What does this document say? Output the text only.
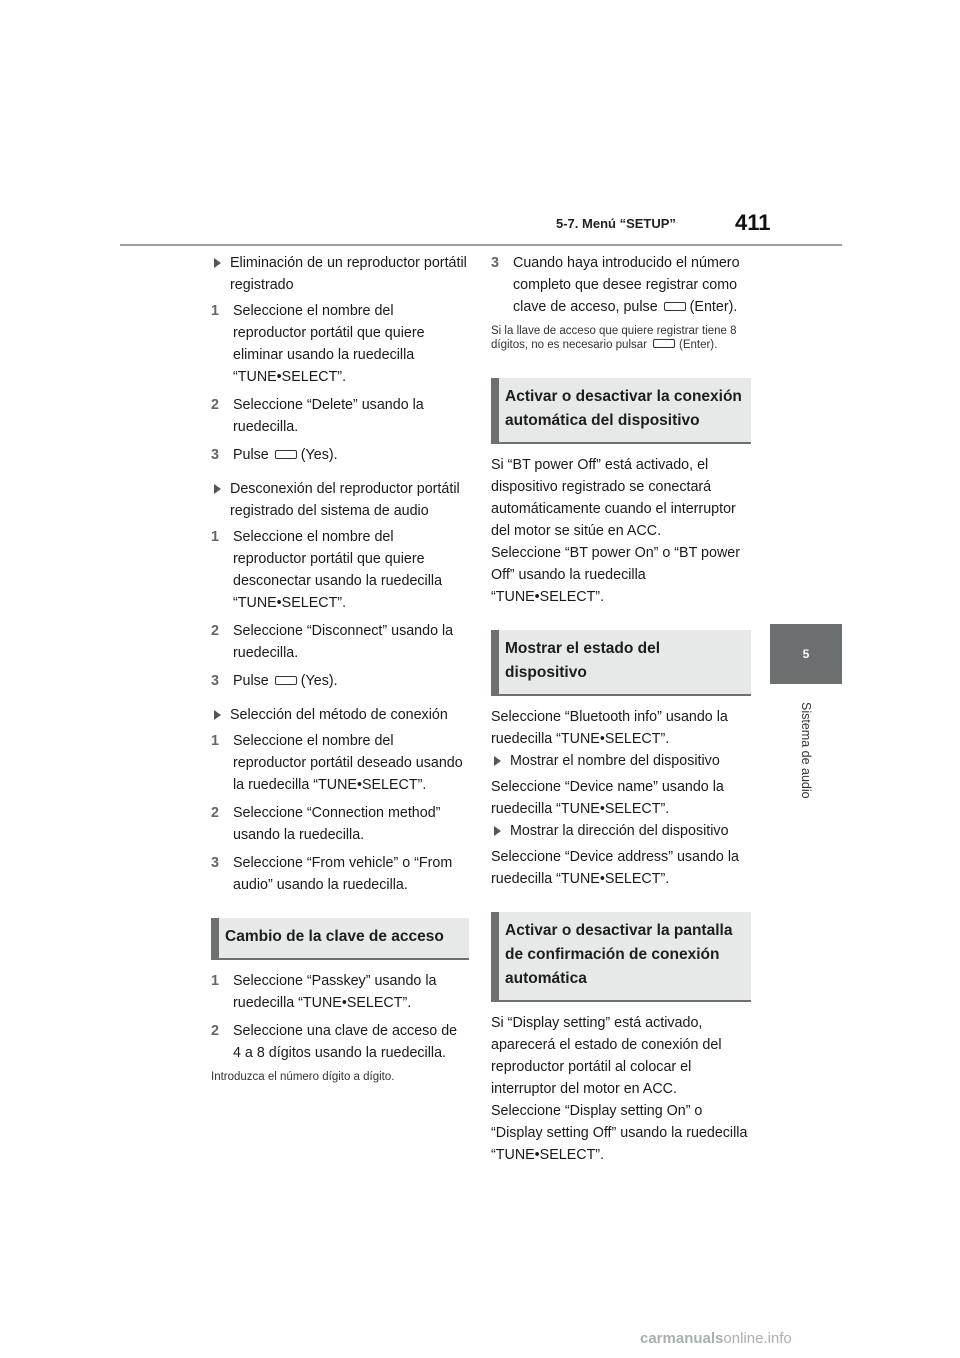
5-7. Menú “SETUP”	411
5
Sistema de audio
Eliminación de un reproductor portátil registrado
1 Seleccione el nombre del reproductor portátil que quiere eliminar usando la ruedecilla “TUNE•SELECT”.
2 Seleccione “Delete” usando la ruedecilla.
3 Pulse (Yes).
Desconexión del reproductor portátil registrado del sistema de audio
1 Seleccione el nombre del reproductor portátil que quiere desconectar usando la ruedecilla “TUNE•SELECT”.
2 Seleccione “Disconnect” usando la ruedecilla.
3 Pulse (Yes).
Selección del método de conexión
1 Seleccione el nombre del reproductor portátil deseado usando la ruedecilla “TUNE•SELECT”.
2 Seleccione “Connection method” usando la ruedecilla.
3 Seleccione “From vehicle” o “From audio” usando la ruedecilla.
Cambio de la clave de acceso
1 Seleccione “Passkey” usando la ruedecilla “TUNE•SELECT”.
2 Seleccione una clave de acceso de 4 a 8 dígitos usando la ruedecilla.

Introduzca el número dígito a dígito.

3 Cuando haya introducido el número completo que desee registrar como clave de acceso, pulse (Enter).

Si la llave de acceso que quiere registrar tiene 8 dígitos, no es necesario pulsar	(Enter).

Activar o desactivar la conexión automática del dispositivo

Si “BT power Off” está activado, el dispositivo registrado se conectará automáticamente cuando el interruptor del motor se sitúe en ACC.

Seleccione “BT power On” o “BT power Off” usando la ruedecilla “TUNE•SELECT”.

Mostrar el estado del dispositivo

Seleccione “Bluetooth info” usando la ruedecilla “TUNE•SELECT”.

Mostrar el nombre del dispositivo

Seleccione “Device name” usando la ruedecilla “TUNE•SELECT”.

Mostrar la dirección del dispositivo

Seleccione “Device address” usando la ruedecilla “TUNE•SELECT”.

Activar o desactivar la pantalla de confirmación de conexión automática

Si “Display setting” está activado, aparecerá el estado de conexión del reproductor portátil al colocar el interruptor del motor en ACC.

Seleccione “Display setting On” o “Display setting Off” usando la ruedecilla “TUNE•SELECT”.

carmanualsonline.info
